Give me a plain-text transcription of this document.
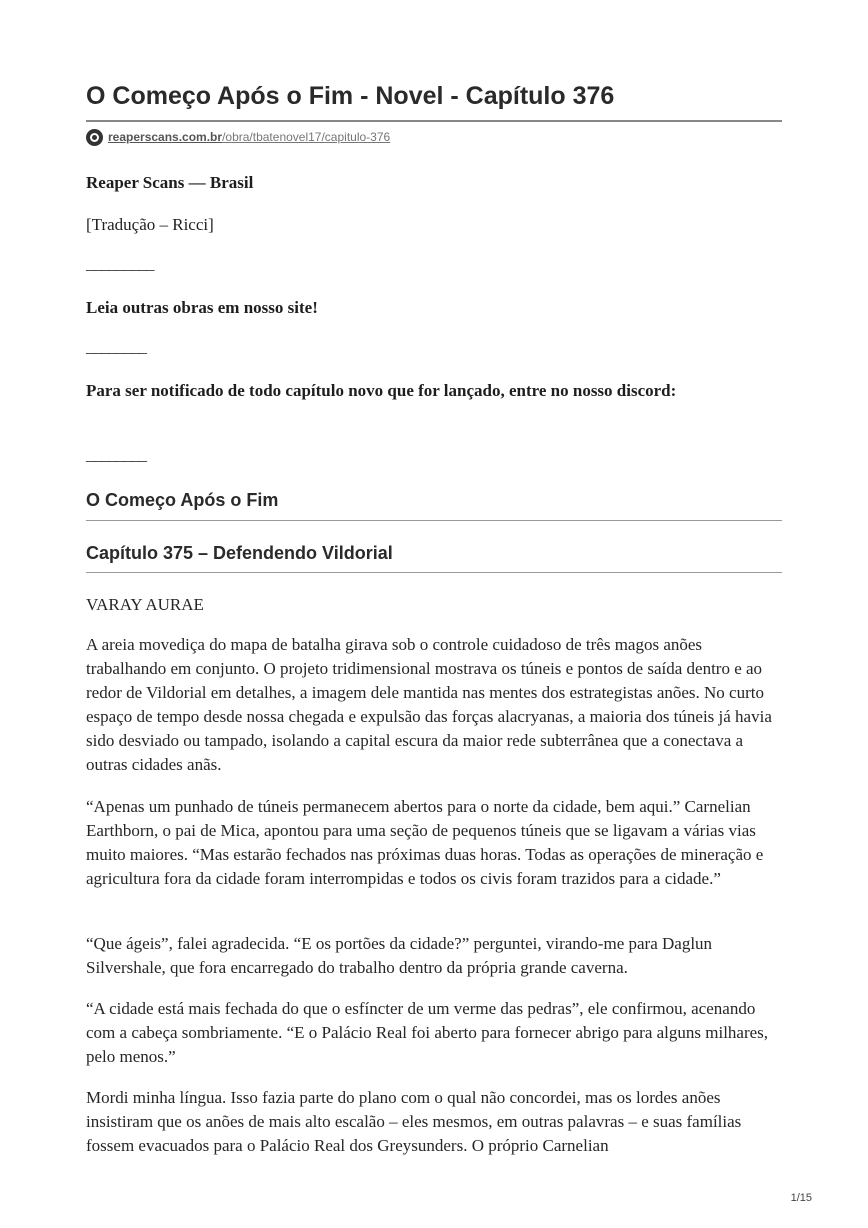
O Começo Após o Fim - Novel - Capítulo 376
reaperscans.com.br /obra/tbatenovel17/capitulo-376
Reaper Scans — Brasil
[Tradução – Ricci]
_________
Leia outras obras em nosso site!
________
Para ser notificado de todo capítulo novo que for lançado, entre no nosso discord:
________
O Começo Após o Fim
Capítulo 375 – Defendendo Vildorial
VARAY AURAE
A areia movediça do mapa de batalha girava sob o controle cuidadoso de três magos anões trabalhando em conjunto. O projeto tridimensional mostrava os túneis e pontos de saída dentro e ao redor de Vildorial em detalhes, a imagem dele mantida nas mentes dos estrategistas anões. No curto espaço de tempo desde nossa chegada e expulsão das forças alacryanas, a maioria dos túneis já havia sido desviado ou tampado, isolando a capital escura da maior rede subterrânea que a conectava a outras cidades anãs.
“Apenas um punhado de túneis permanecem abertos para o norte da cidade, bem aqui.” Carnelian Earthborn, o pai de Mica, apontou para uma seção de pequenos túneis que se ligavam a várias vias muito maiores. “Mas estarão fechados nas próximas duas horas. Todas as operações de mineração e agricultura fora da cidade foram interrompidas e todos os civis foram trazidos para a cidade.”
“Que ágeis”, falei agradecida. “E os portões da cidade?” perguntei, virando-me para Daglun Silvershale, que fora encarregado do trabalho dentro da própria grande caverna.
“A cidade está mais fechada do que o esfíncter de um verme das pedras”, ele confirmou, acenando com a cabeça sombriamente. “E o Palácio Real foi aberto para fornecer abrigo para alguns milhares, pelo menos.”
Mordi minha língua. Isso fazia parte do plano com o qual não concordei, mas os lordes anões insistiram que os anões de mais alto escalão – eles mesmos, em outras palavras – e suas famílias fossem evacuados para o Palácio Real dos Greysunders. O próprio Carnelian
1/15
